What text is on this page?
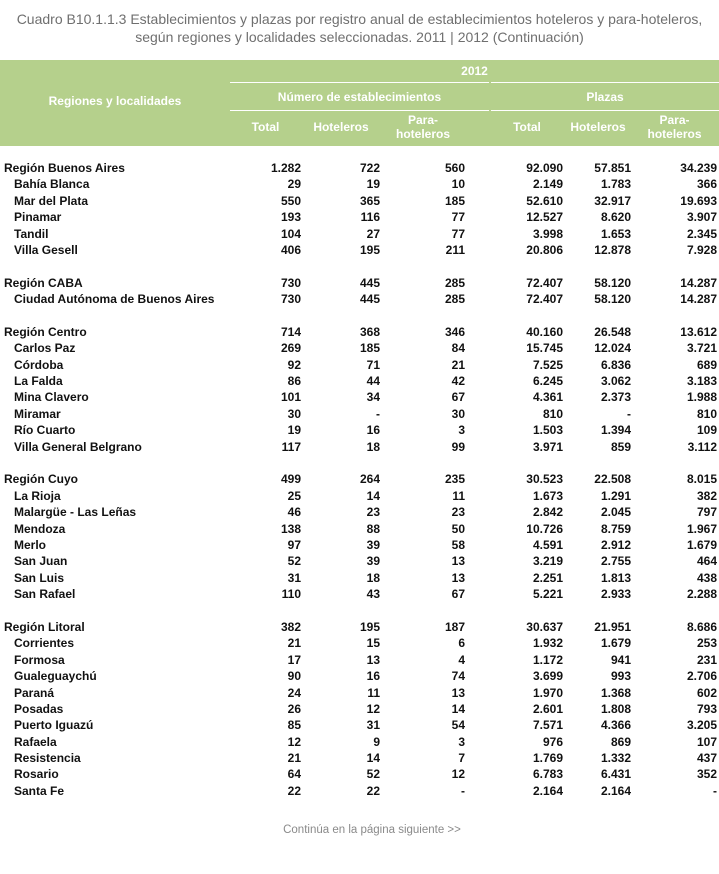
Cuadro B10.1.1.3 Establecimientos y plazas por registro anual de establecimientos hoteleros y para-hoteleros,
según regiones y localidades seleccionadas. 2011 | 2012 (Continuación)
2012
Regiones y localidades	Número de establecimientos	Plazas
Total	Hoteleros	Para-
hoteleros	Total	Hoteleros	Para-
hoteleros
Región Buenos Aires	1.282	722	560	92.090	57.851	34.239
Bahía Blanca	29	19	10	2.149	1.783	366
Mar del Plata	550	365	185	52.610	32.917	19.693
Pinamar	193	116	77	12.527	8.620	3.907
Tandil	104	27	77	3.998	1.653	2.345
Villa Gesell	406	195	211	20.806	12.878	7.928
Región CABA	730	445	285	72.407	58.120	14.287
Ciudad Autónoma de Buenos Aires	730	445	285	72.407	58.120	14.287
Región Centro	714	368	346	40.160	26.548	13.612
Carlos Paz	269	185	84	15.745	12.024	3.721
Córdoba	92	71	21	7.525	6.836	689
La Falda	86	44	42	6.245	3.062	3.183
Mina Clavero	101	34	67	4.361	2.373	1.988
Miramar	30	-	30	810	-	810
Río Cuarto	19	16	3	1.503	1.394	109
Villa General Belgrano	117	18	99	3.971	859	3.112
Región Cuyo	499	264	235	30.523	22.508	8.015
La Rioja	25	14	11	1.673	1.291	382
Malargüe - Las Leñas	46	23	23	2.842	2.045	797
Mendoza	138	88	50	10.726	8.759	1.967
Merlo	97	39	58	4.591	2.912	1.679
San Juan	52	39	13	3.219	2.755	464
San Luis	31	18	13	2.251	1.813	438
San Rafael	110	43	67	5.221	2.933	2.288
Región Litoral	382	195	187	30.637	21.951	8.686
Corrientes	21	15	6	1.932	1.679	253
Formosa	17	13	4	1.172	941	231
Gualeguaychú	90	16	74	3.699	993	2.706
Paraná	24	11	13	1.970	1.368	602
Posadas	26	12	14	2.601	1.808	793
Puerto Iguazú	85	31	54	7.571	4.366	3.205
Rafaela	12	9	3	976	869	107
Resistencia	21	14	7	1.769	1.332	437
Rosario	64	52	12	6.783	6.431	352
Santa Fe	22	22	-	2.164	2.164	-
Continúa en la página siguiente >>
